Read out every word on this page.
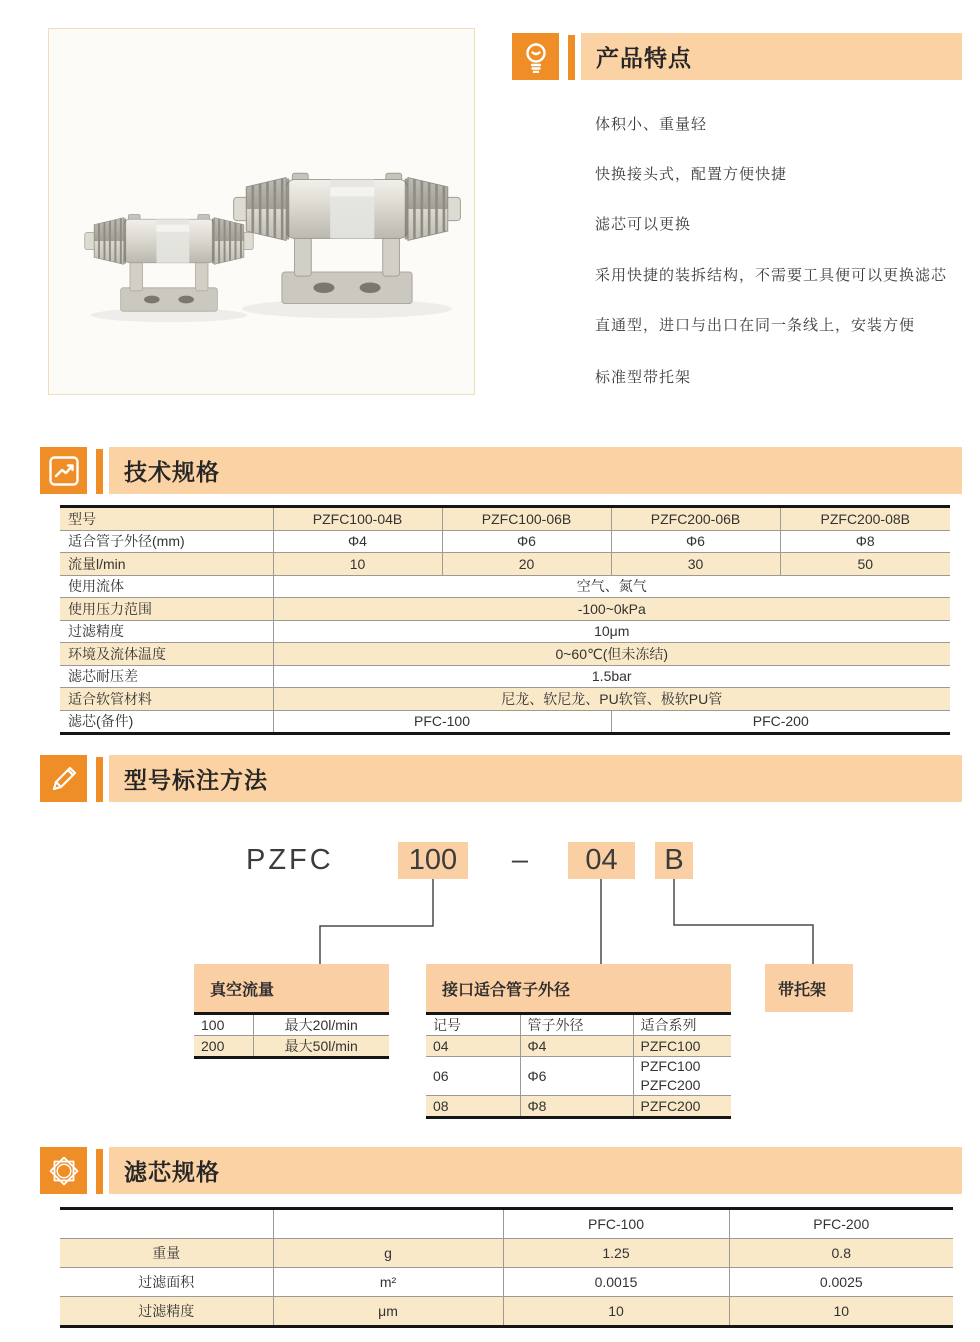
产品特点
体积小、重量轻
快换接头式，配置方便快捷
滤芯可以更换
采用快捷的装拆结构，不需要工具便可以更换滤芯
直通型，进口与出口在同一条线上，安装方便
标准型带托架
技术规格
型号	PZFC100-04B	PZFC100-06B	PZFC200-06B	PZFC200-08B
适合管子外径(mm)	Φ4	Φ6	Φ6	Φ8
流量l/min	10	20	30	50
使用流体	空气、氮气			
使用压力范围	-100~0kPa			
过滤精度	10μm			
环境及流体温度	0~60℃(但未冻结)			
滤芯耐压差	1.5bar			
适合软管材料	尼龙、软尼龙、PU软管、极软PU管			
滤芯(备件)	PFC-100		PFC-200	
型号标注方法
PZFC	100	–	04	B
真空流量
100	最大20l/min
200	最大50l/min
接口适合管子外径
记号	管子外径	适合系列
04	Φ4	PZFC100
06	Φ6	PZFC100
PZFC200

08	Φ8	PZFC200
带托架
滤芯规格
		PFC-100	PFC-200
重量	g	1.25	0.8
过滤面积	m²	0.0015	0.0025
过滤精度	μm	10	10
